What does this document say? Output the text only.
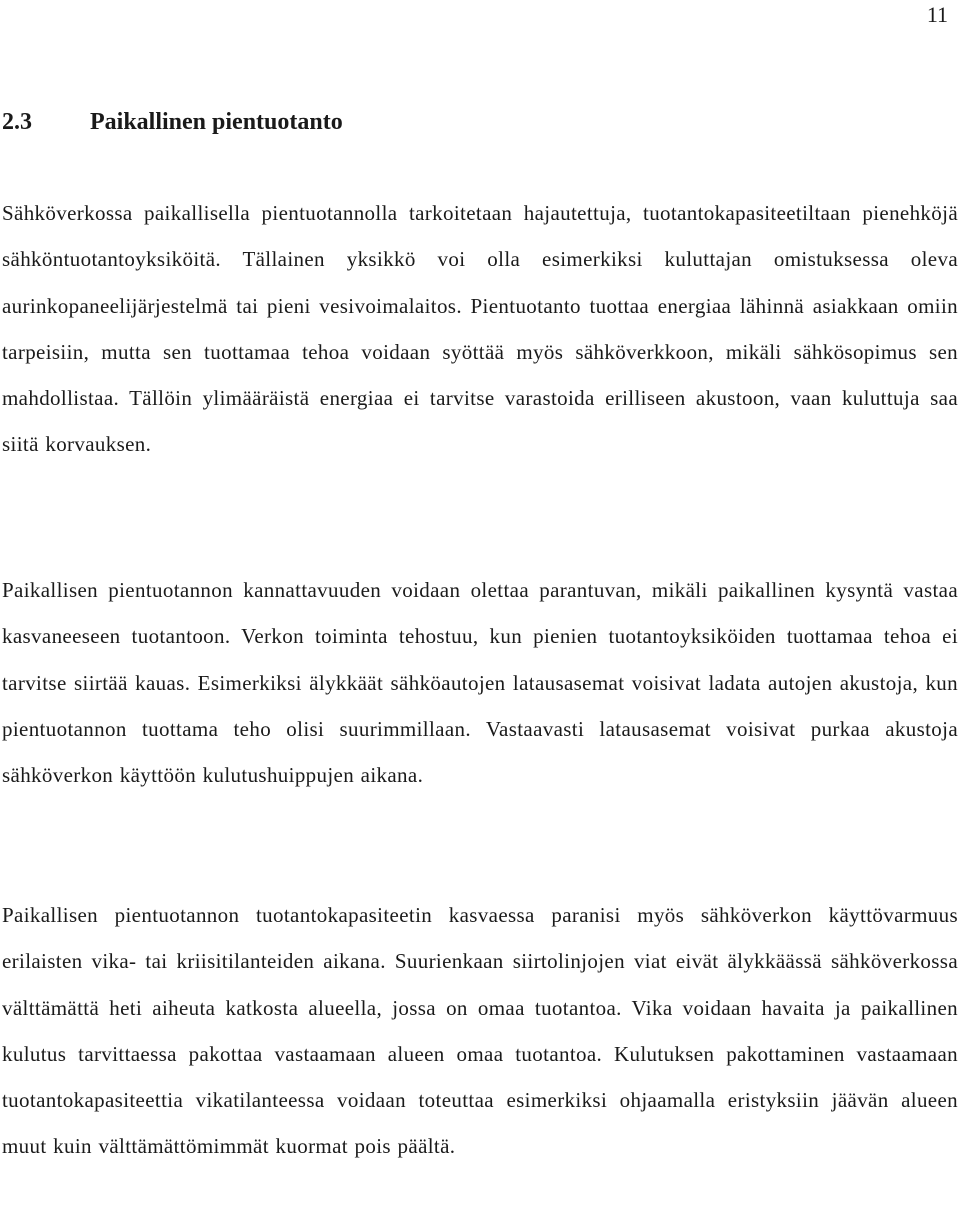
11
2.3 Paikallinen pientuotanto

Sähköverkossa paikallisella pientuotannolla tarkoitetaan hajautettuja, tuotantokapasiteetiltaan pienehköjä sähköntuotantoyksiköitä. Tällainen yksikkö voi olla esimerkiksi kuluttajan omistuksessa oleva aurinkopaneelijärjestelmä tai pieni vesivoimalaitos. Pientuotanto tuottaa energiaa lähinnä asiakkaan omiin tarpeisiin, mutta sen tuottamaa tehoa voidaan syöttää myös sähköverkkoon, mikäli sähkösopimus sen mahdollistaa. Tällöin ylimääräistä energiaa ei tarvitse varastoida erilliseen akustoon, vaan kuluttuja saa siitä korvauksen.

Paikallisen pientuotannon kannattavuuden voidaan olettaa parantuvan, mikäli paikallinen kysyntä vastaa kasvaneeseen tuotantoon. Verkon toiminta tehostuu, kun pienien tuotantoyksiköiden tuottamaa tehoa ei tarvitse siirtää kauas. Esimerkiksi älykkäät sähköautojen latausasemat voisivat ladata autojen akustoja, kun pientuotannon tuottama teho olisi suurimmillaan. Vastaavasti latausasemat voisivat purkaa akustoja sähköverkon käyttöön kulutushuippujen aikana.

Paikallisen pientuotannon tuotantokapasiteetin kasvaessa paranisi myös sähköverkon käyttövarmuus erilaisten vika- tai kriisitilanteiden aikana. Suurienkaan siirtolinjojen viat eivät älykkäässä sähköverkossa välttämättä heti aiheuta katkosta alueella, jossa on omaa tuotantoa. Vika voidaan havaita ja paikallinen kulutus tarvittaessa pakottaa vastaamaan alueen omaa tuotantoa. Kulutuksen pakottaminen vastaamaan tuotantokapasiteettia vikatilanteessa voidaan toteuttaa esimerkiksi ohjaamalla eristyksiin jäävän alueen muut kuin välttämättömimmät kuormat pois päältä.
